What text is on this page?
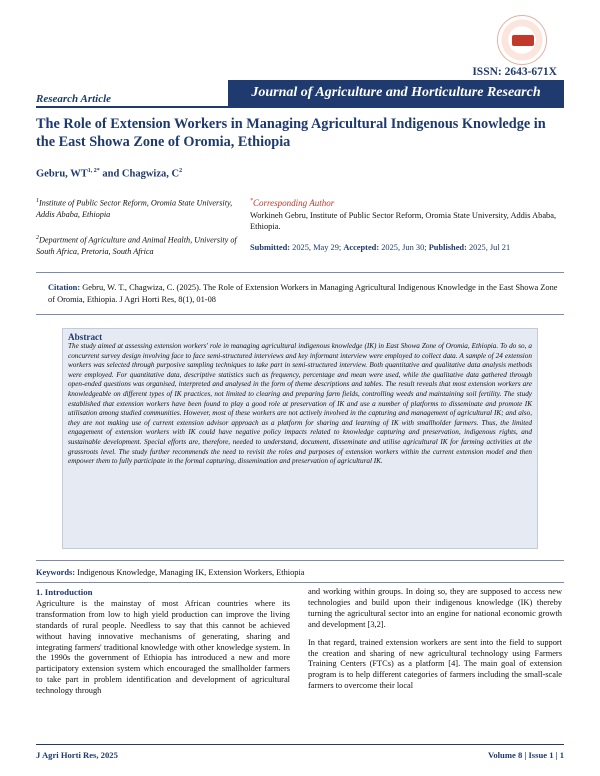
ISSN: 2643-671X
Research Article	Journal of Agriculture and Horticulture Research
The Role of Extension Workers in Managing Agricultural Indigenous Knowledge in the East Showa Zone of Oromia, Ethiopia
Gebru, $WT^{1, 2*}$ and Chagwiza, $C^2$
$^1$Institute of Public Sector Reform, Oromia State University, Addis Ababa, Ethiopia
$^2$Department of Agriculture and Animal Health, University of South Africa, Pretoria, South Africa
*Corresponding Author
Workineh Gebru, Institute of Public Sector Reform, Oromia State University, Addis Ababa, Ethiopia.
Submitted: 2025, May 29; Accepted: 2025, Jun 30; Published: 2025, Jul 21
Citation: Gebru, W. T., Chagwiza, C. (2025). The Role of Extension Workers in Managing Agricultural Indigenous Knowledge in the East Showa Zone of Oromia, Ethiopia. J Agri Horti Res, 8(1), 01-08
Abstract
The study aimed at assessing extension workers' role in managing agricultural indigenous knowledge (IK) in East Showa Zone of Oromia, Ethiopia. To do so, a concurrent survey design involving face to face semi-structured interviews and key informant interview were employed to collect data. A sample of 24 extension workers was selected through purposive sampling techniques to take part in semi-structured interview. Both quantitative and qualitative data analysis methods were employed. For quantitative data, descriptive statistics such as frequency, percentage and mean were used, while the qualitative data gathered through open-ended questions was organised, interpreted and analysed in the form of theme descriptions and tables. The result reveals that most extension workers are knowledgeable on different types of IK practices, not limited to clearing and preparing farm fields, controlling weeds and maintaining soil fertility. The study established that extension workers have been found to play a good role at preservation of IK and use a number of platforms to disseminate and promote IK utilisation among studied communities. However, most of these workers are not actively involved in the capturing and management of agricultural IK; and also, they are not making use of current extension advisor approach as a platform for sharing and learning of IK with smallholder farmers. Thus, the limited engagement of extension workers with IK could have negative policy impacts related to knowledge capturing and preservation, indigenous rights, and sustainable development. Special efforts are, therefore, needed to understand, document, disseminate and utilise agricultural IK for farming activities at the grassroots level. The study further recommends the need to revisit the roles and purposes of extension workers within the current extension model and then empower them to fully participate in the formal capturing, dissemination and preservation of agricultural IK.
Keywords: Indigenous Knowledge, Managing IK, Extension Workers, Ethiopia
1. Introduction

Agriculture is the mainstay of most African countries where its transformation from low to high yield production can improve the living standards of rural people. Needless to say that this cannot be achieved without having innovative mechanisms of generating, sharing and integrating farmers' traditional knowledge with other knowledge system. In the 1990s the government of Ethiopia has introduced a new and more participatory extension system which encouraged the smallholder farmers to take part in problem identification and development of agricultural technology through

and working within groups. In doing so, they are supposed to access new technologies and build upon their indigenous knowledge (IK) thereby turning the agricultural sector into an engine for national economic growth and development [3,2].

In that regard, trained extension workers are sent into the field to support the creation and sharing of new agricultural technology using Farmers Training Centers (FTCs) as a platform [4]. The main goal of extension program is to help different categories of farmers including the small-scale farmers to overcome their local

J Agri Horti Res, 2025	Volume 8 | Issue 1 | 1
